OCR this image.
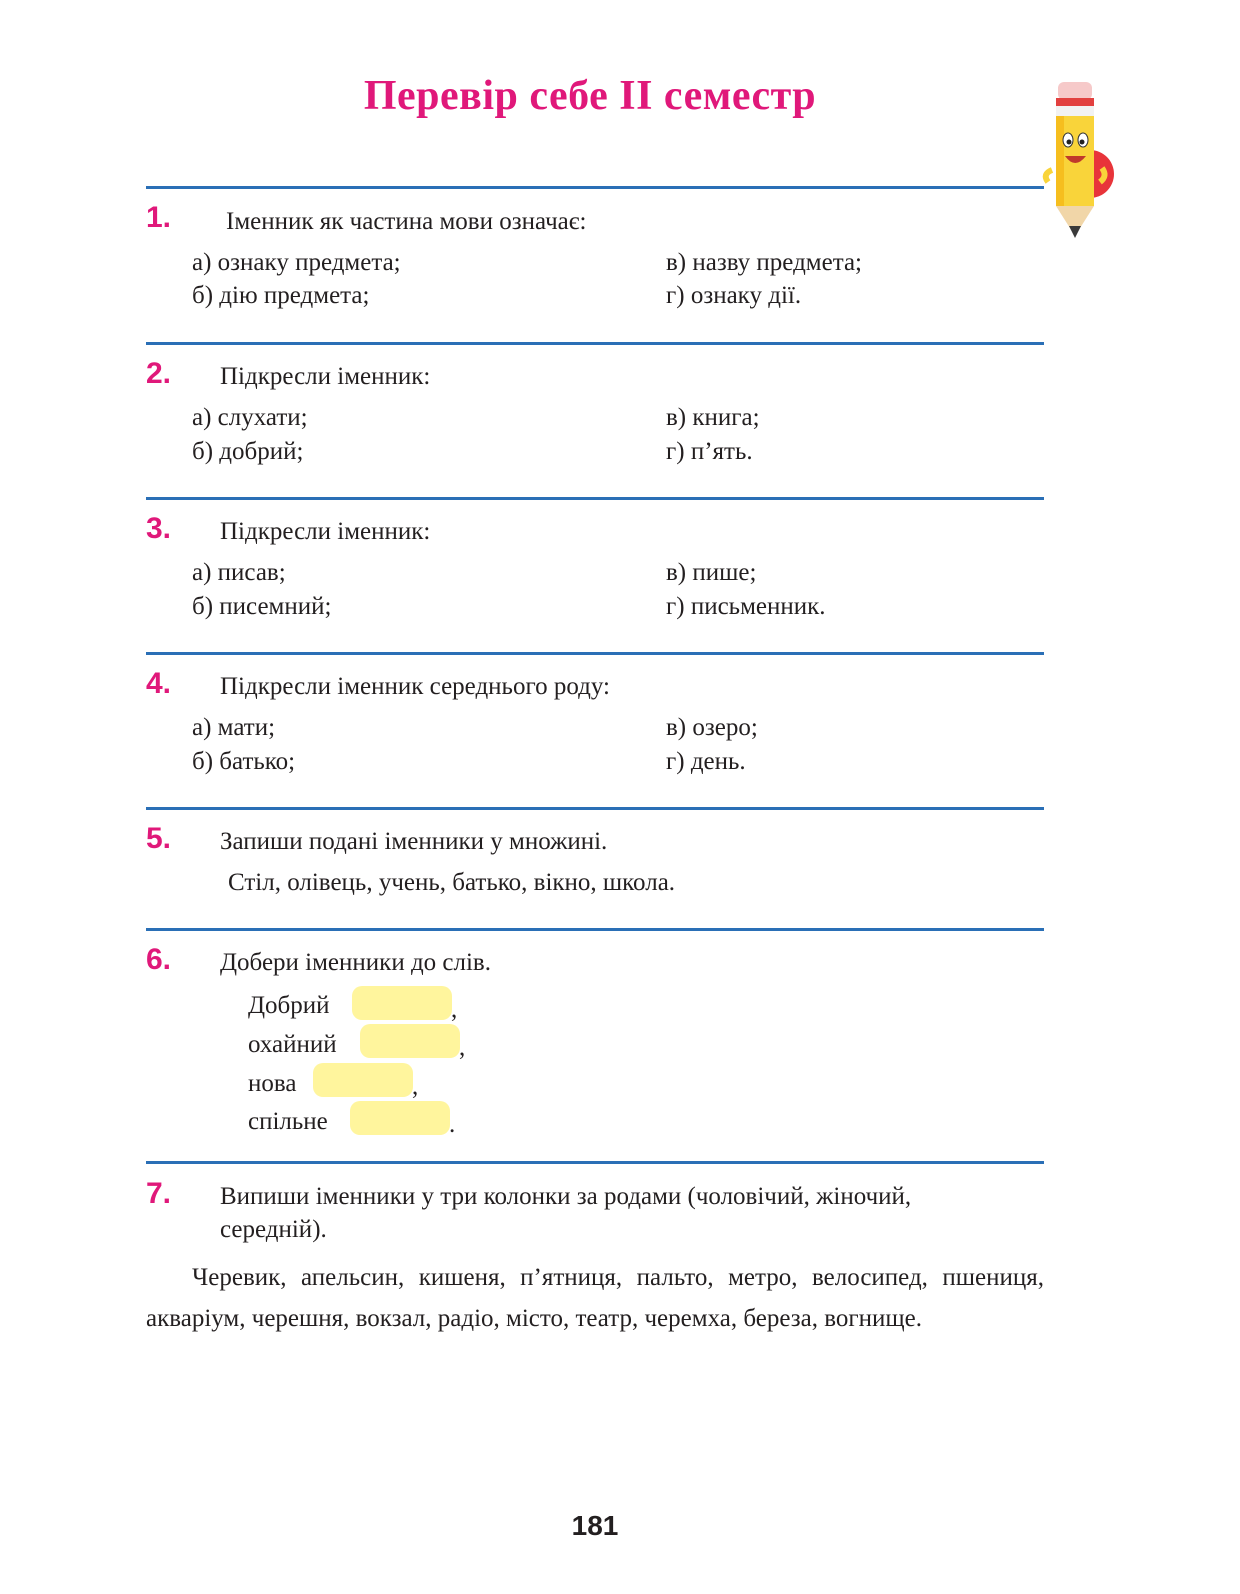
Перевір себе II семестр
1. Іменник як частина мови означає:
а) ознаку предмета;
б) дію предмета;
в) назву предмета;
г) ознаку дії.
2. Підкресли іменник:
а) слухати;
б) добрий;
в) книга;
г) п’ять.
3. Підкресли іменник:
а) писав;
б) писемний;
в) пише;
г) письменник.
4. Підкресли іменник середнього роду:
а) мати;
б) батько;
в) озеро;
г) день.
5. Запиши подані іменники у множині.
Стіл, олівець, учень, батько, вікно, школа.
6. Добери іменники до слів.
Добрий	,
охайний	,
нова	,
спільне	.
7. Випиши іменники у три колонки за родами (чоловічий, жіночий,
середній).
Черевик, апельсин, кишеня, п’ятниця, пальто, метро, велосипед, пшениця, акваріум, черешня, вокзал, радіо, місто, театр, черемха, береза, вогнище.
181
